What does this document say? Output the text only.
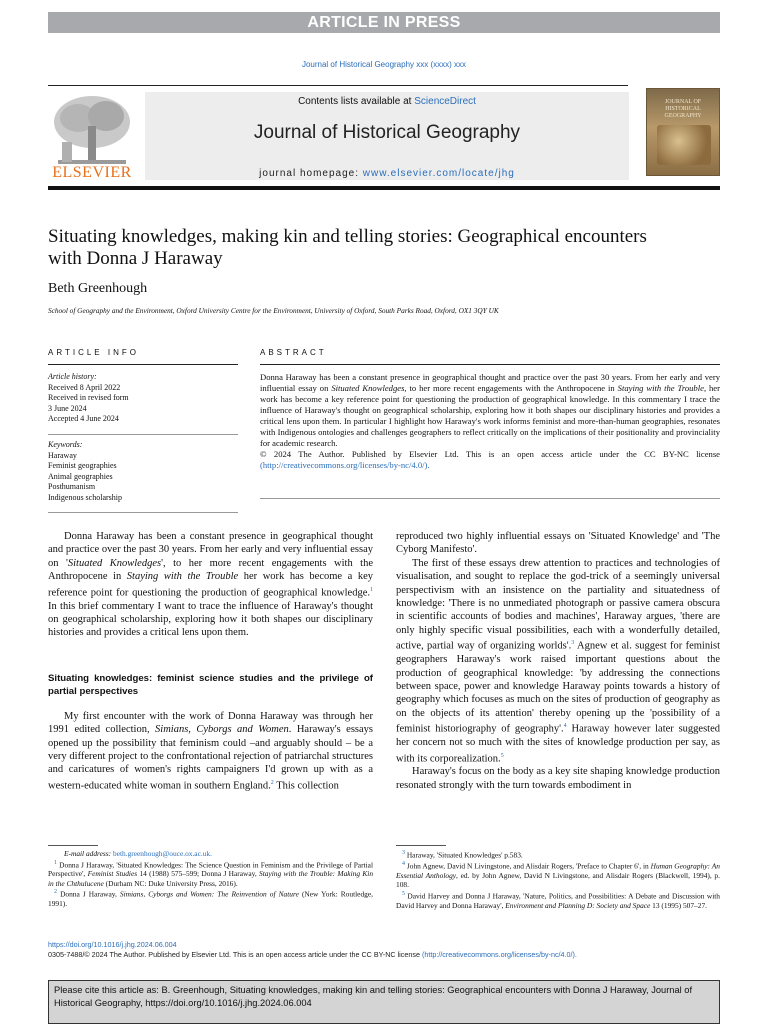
ARTICLE IN PRESS
Journal of Historical Geography xxx (xxxx) xxx
ELSEVIER
Contents lists available at ScienceDirect
Journal of Historical Geography
journal homepage: www.elsevier.com/locate/jhg
JOURNAL OF HISTORICAL GEOGRAPHY
Situating knowledges, making kin and telling stories: Geographical encounters with Donna J Haraway
Beth Greenhough
School of Geography and the Environment, Oxford University Centre for the Environment, University of Oxford, South Parks Road, Oxford, OX1 3QY UK
ARTICLE INFO	ABSTRACT
Article history:
Received 8 April 2022
Received in revised form
3 June 2024
Accepted 4 June 2024
Keywords:
Haraway
Feminist geographies
Animal geographies
Posthumanism
Indigenous scholarship
Donna Haraway has been a constant presence in geographical thought and practice over the past 30 years. From her early and very influential essay on Situated Knowledges, to her more recent engagements with the Anthropocene in Staying with the Trouble, her work has become a key reference point for questioning the production of geographical knowledge. In this commentary I trace the influence of Haraway's thought on geographical scholarship, exploring how it both shapes our disciplinary histories and provides a critical lens upon them. In particular I highlight how Haraway's work informs feminist and more-than-human geographies, resonates with Indigenous ontologies and challenges geographers to reflect critically on the implications of their positionality and provinciality for academic research.
© 2024 The Author. Published by Elsevier Ltd. This is an open access article under the CC BY-NC license (http://creativecommons.org/licenses/by-nc/4.0/).

Donna Haraway has been a constant presence in geographical thought and practice over the past 30 years. From her early and very influential essay on 'Situated Knowledges', to her more recent engagements with the Anthropocene in Staying with the Trouble her work has become a key reference point for questioning the production of geographical knowledge.$^1$ In this brief commentary I want to trace the influence of Haraway's thought on geographical scholarship, exploring how it both shapes our disciplinary histories and provides a critical lens upon them.

Situating knowledges: feminist science studies and the privilege of partial perspectives

My first encounter with the work of Donna Haraway was through her 1991 edited collection, Simians, Cyborgs and Women. Haraway's essays opened up the possibility that feminism could –and arguably should – be a very different project to the confrontational rejection of patriarchal structures and caricatures of women's rights campaigners I'd grown up with as a western-educated white woman in southern England.$^2$ This collection

reproduced two highly influential essays on 'Situated Knowledge' and 'The Cyborg Manifesto'.

The first of these essays drew attention to practices and technologies of visualisation, and sought to replace the god-trick of a seemingly universal perspectivism with an insistence on the partiality and situatedness of knowledge: 'There is no unmediated photograph or passive camera obscura in scientific accounts of bodies and machines', Haraway argues, 'there are only highly specific visual possibilities, each with a wonderfully detailed, active, partial way of organizing worlds'.$^3$ Agnew et al. suggest for feminist geographers Haraway's work raised important questions about the production of geographical knowledge: 'by addressing the connections between space, power and knowledge Haraway points towards a history of geography which focuses as much on the sites of production of geography as on the objects of its attention' thereby opening up the 'possibility of a feminist historiography of geography'.$^4$ Haraway however later suggested her concern not so much with the sites of knowledge production per say, as with its corporealization.$^5$

Haraway's focus on the body as a key site shaping knowledge production resonated strongly with the turn towards embodiment in

E-mail address: beth.greenhough@ouce.ox.ac.uk.
$^1$ Donna J Haraway, 'Situated Knowledges: The Science Question in Feminism and the Privilege of Partial Perspective', Feminist Studies 14 (1988) 575–599; Donna J Haraway, Staying with the Trouble: Making Kin in the Chthulucene (Durham NC: Duke University Press, 2016).
$^2$ Donna J Haraway, Simians, Cyborgs and Women: The Reinvention of Nature (New York: Routledge, 1991).
$^3$ Haraway, 'Situated Knowledges' p.583.
$^4$ John Agnew, David N Livingstone, and Alisdair Rogers, 'Preface to Chapter 6', in Human Geography: An Essential Anthology, ed. by John Agnew, David N Livingstone, and Alisdair Rogers (Blackwell, 1994), p. 108.
$^5$ David Harvey and Donna J Haraway, 'Nature, Politics, and Possibilities: A Debate and Discussion with David Harvey and Donna Haraway', Environment and Planning D: Society and Space 13 (1995) 507–27.
https://doi.org/10.1016/j.jhg.2024.06.004
0305-7488/© 2024 The Author. Published by Elsevier Ltd. This is an open access article under the CC BY-NC license (http://creativecommons.org/licenses/by-nc/4.0/).
Please cite this article as: B. Greenhough, Situating knowledges, making kin and telling stories: Geographical encounters with Donna J Haraway, Journal of Historical Geography, https://doi.org/10.1016/j.jhg.2024.06.004
